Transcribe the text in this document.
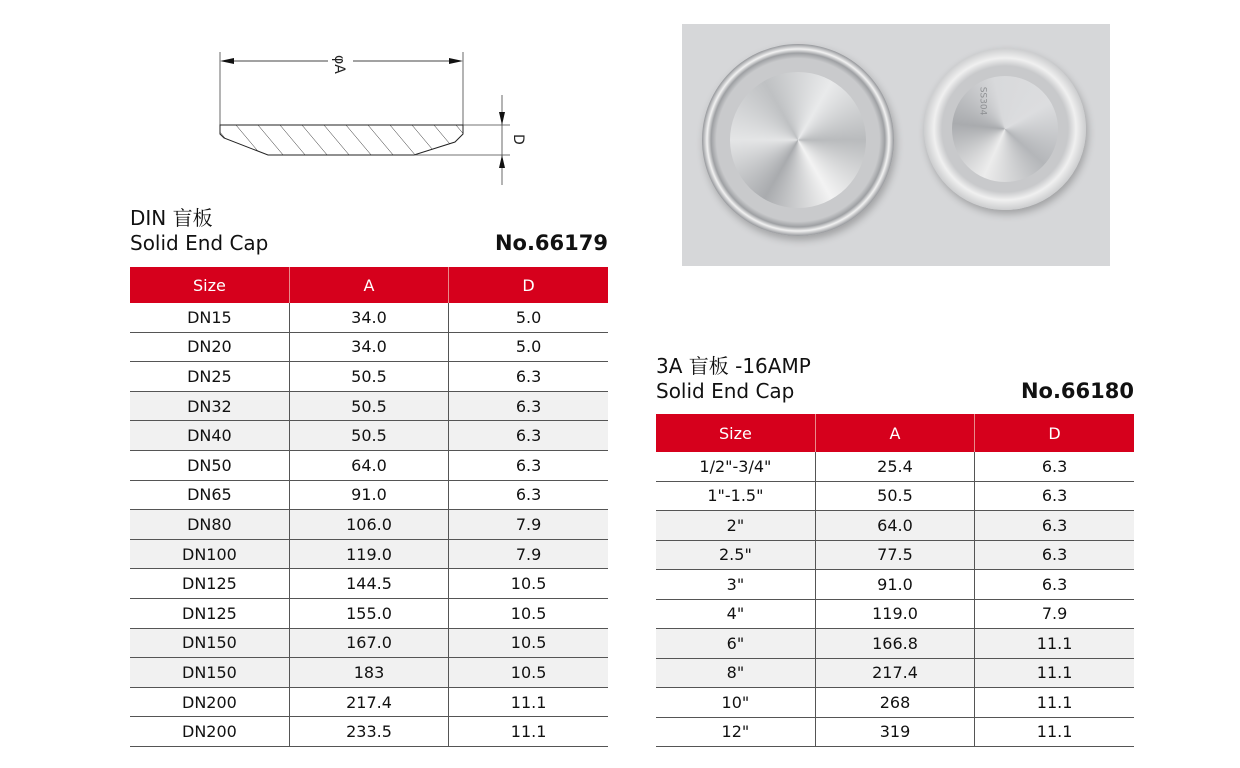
φA
D
SS304
DIN 盲板
Solid End Cap	No.66179
Size	A	D
DN15	34.0	5.0
DN20	34.0	5.0
DN25	50.5	6.3
DN32	50.5	6.3
DN40	50.5	6.3
DN50	64.0	6.3
DN65	91.0	6.3
DN80	106.0	7.9
DN100	119.0	7.9
DN125	144.5	10.5
DN125	155.0	10.5
DN150	167.0	10.5
DN150	183	10.5
DN200	217.4	11.1
DN200	233.5	11.1
3A 盲板 -16AMP
Solid End Cap	No.66180
Size	A	D
1/2"-3/4"	25.4	6.3
1"-1.5"	50.5	6.3
2"	64.0	6.3
2.5"	77.5	6.3
3"	91.0	6.3
4"	119.0	7.9
6"	166.8	11.1
8"	217.4	11.1
10"	268	11.1
12"	319	11.1
